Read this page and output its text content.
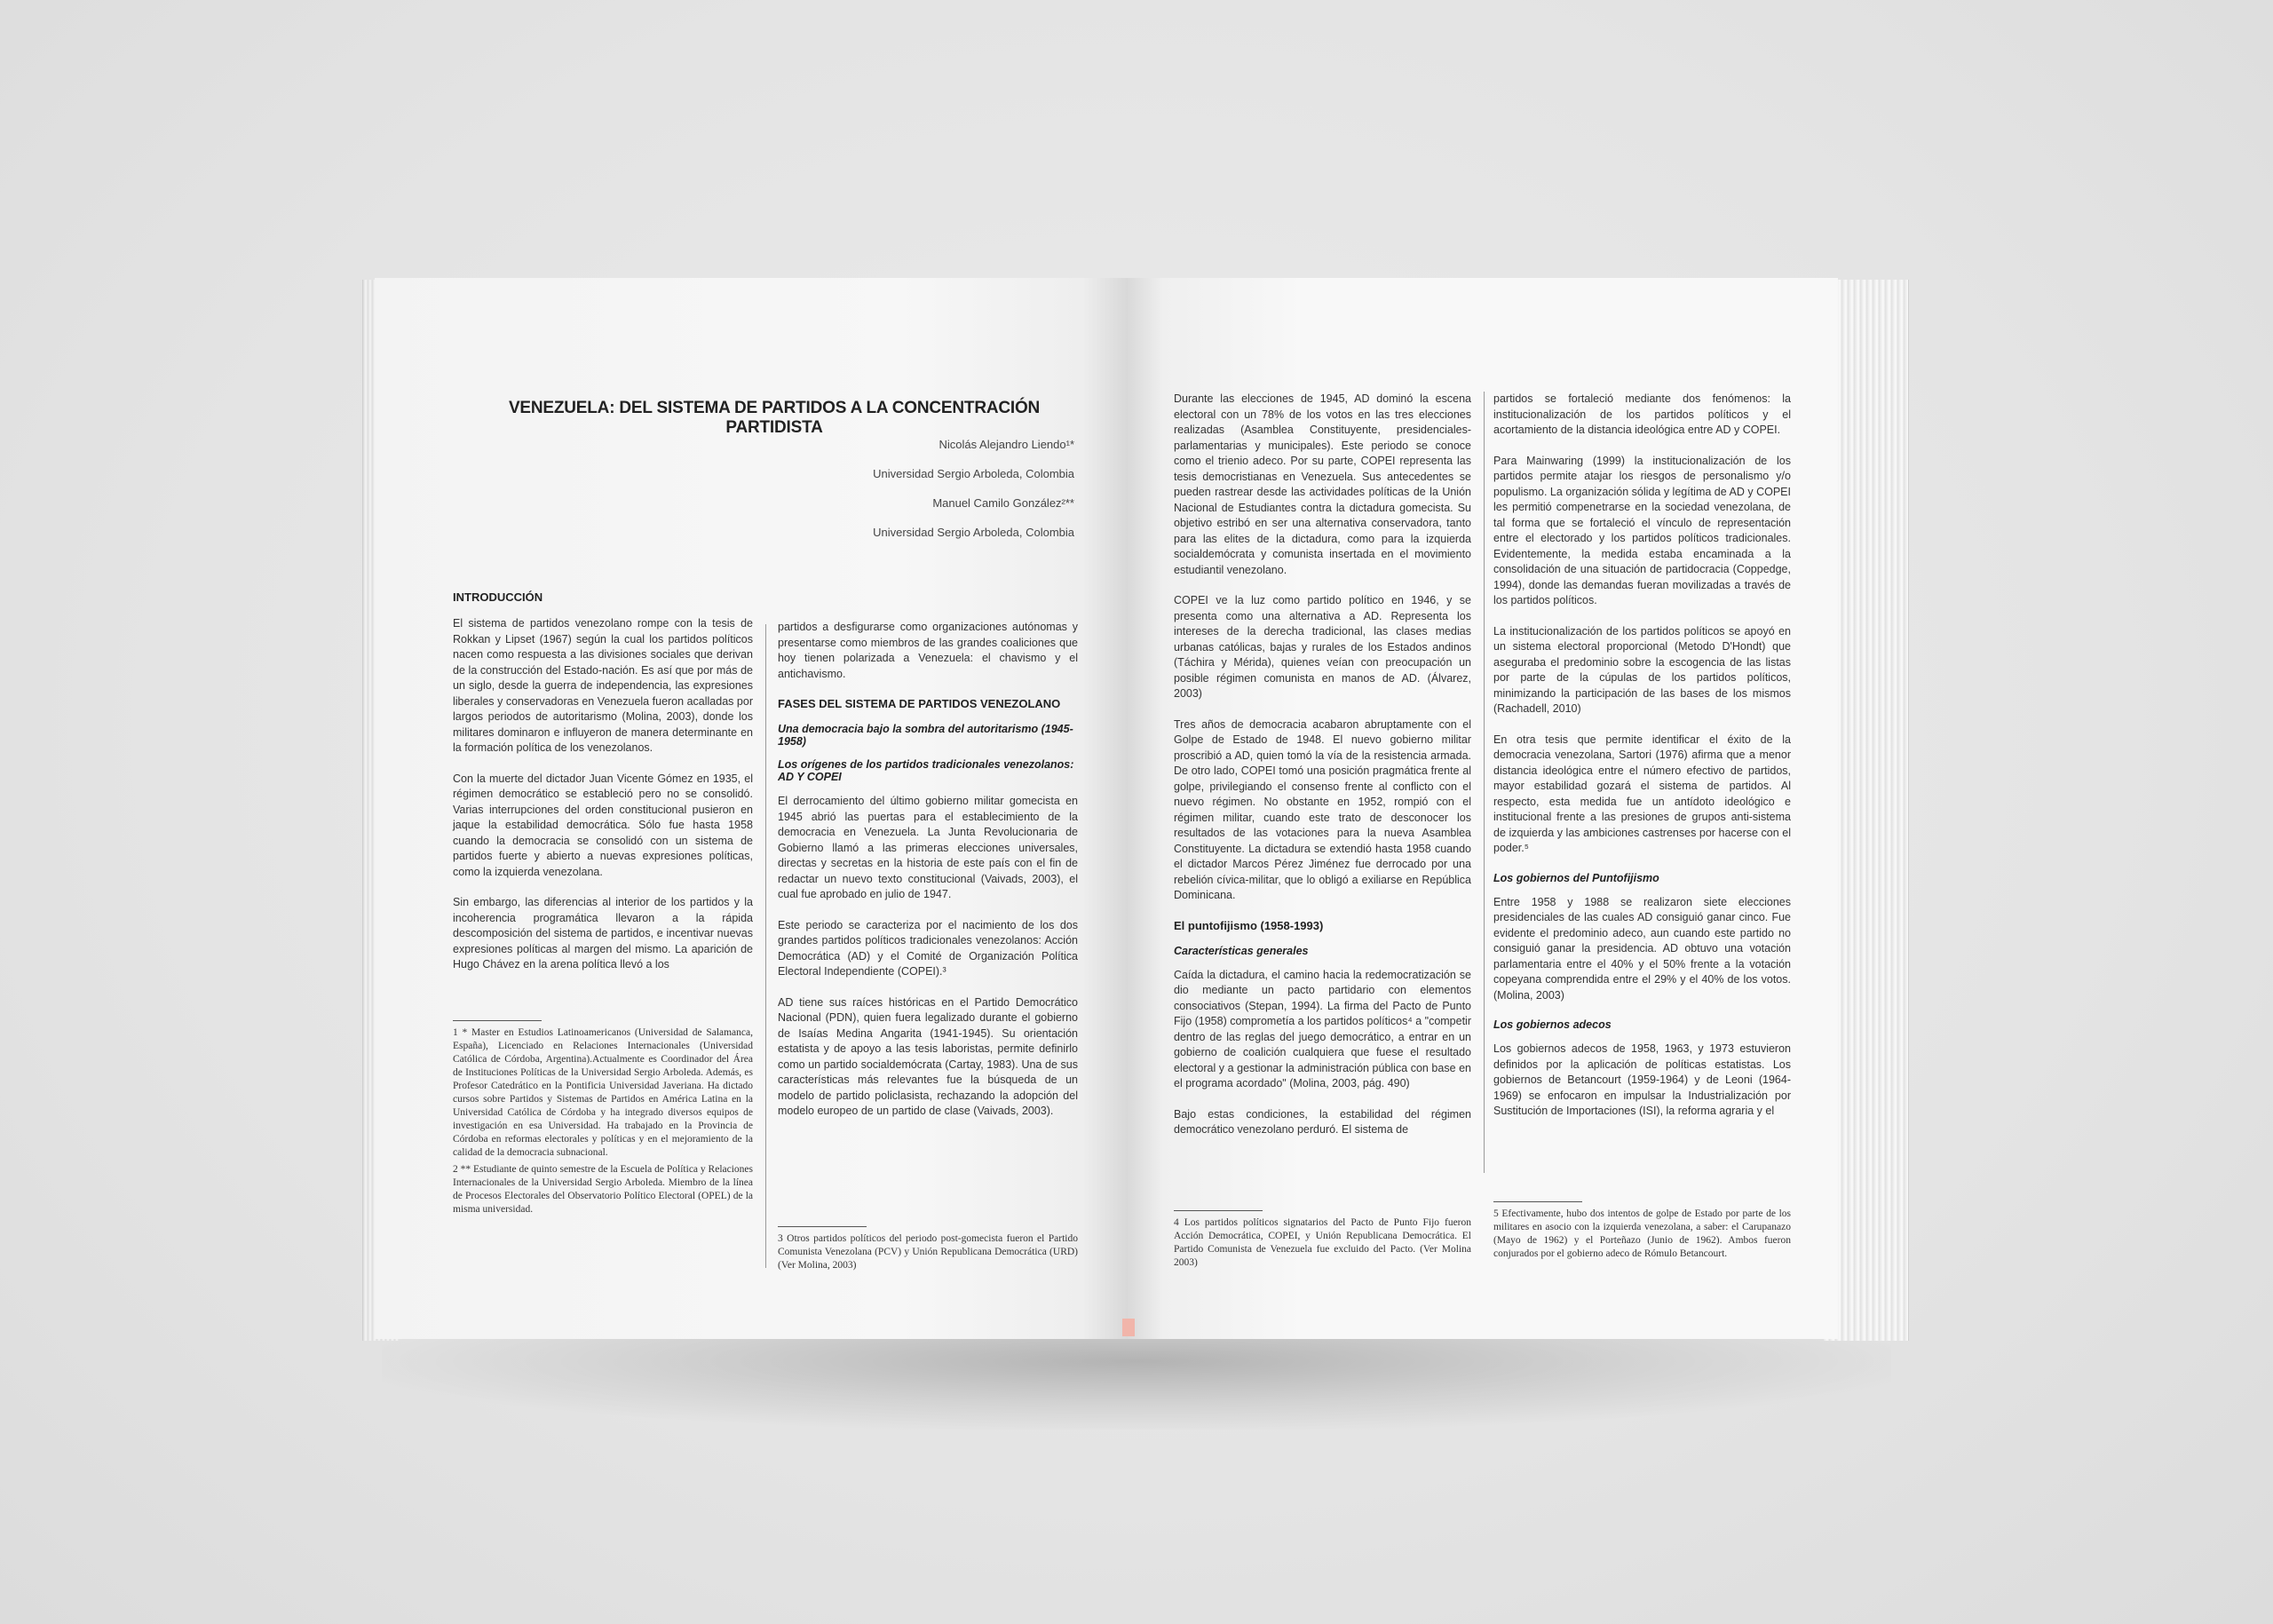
VENEZUELA: DEL SISTEMA DE PARTIDOS A LA CONCENTRACIÓN PARTIDISTA
Nicolás Alejandro Liendo¹*
Universidad Sergio Arboleda, Colombia
Manuel Camilo González²**
Universidad Sergio Arboleda, Colombia
INTRODUCCIÓN
El sistema de partidos venezolano rompe con la tesis de Rokkan y Lipset (1967) según la cual los partidos políticos nacen como respuesta a las divisiones sociales que derivan de la construcción del Estado-nación. Es así que por más de un siglo, desde la guerra de independencia, las expresiones liberales y conservadoras en Venezuela fueron acalladas por largos periodos de autoritarismo (Molina, 2003), donde los militares dominaron e influyeron de manera determinante en la formación política de los venezolanos.
Con la muerte del dictador Juan Vicente Gómez en 1935, el régimen democrático se estableció pero no se consolidó. Varias interrupciones del orden constitucional pusieron en jaque la estabilidad democrática. Sólo fue hasta 1958 cuando la democracia se consolidó con un sistema de partidos fuerte y abierto a nuevas expresiones políticas, como la izquierda venezolana.
Sin embargo, las diferencias al interior de los partidos y la incoherencia programática llevaron a la rápida descomposición del sistema de partidos, e incentivar nuevas expresiones políticas al margen del mismo. La aparición de Hugo Chávez en la arena política llevó a los
1 * Master en Estudios Latinoamericanos (Universidad de Salamanca, España), Licenciado en Relaciones Internacionales (Universidad Católica de Córdoba, Argentina).Actualmente es Coordinador del Área de Instituciones Políticas de la Universidad Sergio Arboleda. Además, es Profesor Catedrático en la Pontificia Universidad Javeriana. Ha dictado cursos sobre Partidos y Sistemas de Partidos en América Latina en la Universidad Católica de Córdoba y ha integrado diversos equipos de investigación en esa Universidad. Ha trabajado en la Provincia de Córdoba en reformas electorales y políticas y en el mejoramiento de la calidad de la democracia subnacional.
2 ** Estudiante de quinto semestre de la Escuela de Política y Relaciones Internacionales de la Universidad Sergio Arboleda. Miembro de la línea de Procesos Electorales del Observatorio Político Electoral (OPEL) de la misma universidad.
partidos a desfigurarse como organizaciones autónomas y presentarse como miembros de las grandes coaliciones que hoy tienen polarizada a Venezuela: el chavismo y el antichavismo.
FASES DEL SISTEMA DE PARTIDOS VENEZOLANO
Una democracia bajo la sombra del autoritarismo (1945-1958)
Los orígenes de los partidos tradicionales venezolanos: AD Y COPEI
El derrocamiento del último gobierno militar gomecista en 1945 abrió las puertas para el establecimiento de la democracia en Venezuela. La Junta Revolucionaria de Gobierno llamó a las primeras elecciones universales, directas y secretas en la historia de este país con el fin de redactar un nuevo texto constitucional (Vaivads, 2003), el cual fue aprobado en julio de 1947.
Este periodo se caracteriza por el nacimiento de los dos grandes partidos políticos tradicionales venezolanos: Acción Democrática (AD) y el Comité de Organización Política Electoral Independiente (COPEI).³
AD tiene sus raíces históricas en el Partido Democrático Nacional (PDN), quien fuera legalizado durante el gobierno de Isaías Medina Angarita (1941-1945). Su orientación estatista y de apoyo a las tesis laboristas, permite definirlo como un partido socialdemócrata (Cartay, 1983). Una de sus características más relevantes fue la búsqueda de un modelo de partido policlasista, rechazando la adopción del modelo europeo de un partido de clase (Vaivads, 2003).
3 Otros partidos políticos del periodo post-gomecista fueron el Partido Comunista Venezolana (PCV) y Unión Republicana Democrática (URD) (Ver Molina, 2003)
Durante las elecciones de 1945, AD dominó la escena electoral con un 78% de los votos en las tres elecciones realizadas (Asamblea Constituyente, presidenciales-parlamentarias y municipales). Este periodo se conoce como el trienio adeco. Por su parte, COPEI representa las tesis democristianas en Venezuela. Sus antecedentes se pueden rastrear desde las actividades políticas de la Unión Nacional de Estudiantes contra la dictadura gomecista. Su objetivo estribó en ser una alternativa conservadora, tanto para las elites de la dictadura, como para la izquierda socialdemócrata y comunista insertada en el movimiento estudiantil venezolano.
COPEI ve la luz como partido político en 1946, y se presenta como una alternativa a AD. Representa los intereses de la derecha tradicional, las clases medias urbanas católicas, bajas y rurales de los Estados andinos (Táchira y Mérida), quienes veían con preocupación un posible régimen comunista en manos de AD. (Álvarez, 2003)
Tres años de democracia acabaron abruptamente con el Golpe de Estado de 1948. El nuevo gobierno militar proscribió a AD, quien tomó la vía de la resistencia armada. De otro lado, COPEI tomó una posición pragmática frente al golpe, privilegiando el consenso frente al conflicto con el nuevo régimen. No obstante en 1952, rompió con el régimen militar, cuando este trato de desconocer los resultados de las votaciones para la nueva Asamblea Constituyente. La dictadura se extendió hasta 1958 cuando el dictador Marcos Pérez Jiménez fue derrocado por una rebelión cívica-militar, que lo obligó a exiliarse en República Dominicana.
El puntofijismo (1958-1993)
Características generales
Caída la dictadura, el camino hacia la redemocratización se dio mediante un pacto partidario con elementos consociativos (Stepan, 1994). La firma del Pacto de Punto Fijo (1958) comprometía a los partidos políticos⁴ a "competir dentro de las reglas del juego democrático, a entrar en un gobierno de coalición cualquiera que fuese el resultado electoral y a gestionar la administración pública con base en el programa acordado" (Molina, 2003, pág. 490)
Bajo estas condiciones, la estabilidad del régimen democrático venezolano perduró. El sistema de
4 Los partidos políticos signatarios del Pacto de Punto Fijo fueron Acción Democrática, COPEI, y Unión Republicana Democrática. El Partido Comunista de Venezuela fue excluido del Pacto. (Ver Molina 2003)
partidos se fortaleció mediante dos fenómenos: la institucionalización de los partidos políticos y el acortamiento de la distancia ideológica entre AD y COPEI.
Para Mainwaring (1999) la institucionalización de los partidos permite atajar los riesgos de personalismo y/o populismo. La organización sólida y legítima de AD y COPEI les permitió compenetrarse en la sociedad venezolana, de tal forma que se fortaleció el vínculo de representación entre el electorado y los partidos políticos tradicionales. Evidentemente, la medida estaba encaminada a la consolidación de una situación de partidocracia (Coppedge, 1994), donde las demandas fueran movilizadas a través de los partidos políticos.
La institucionalización de los partidos políticos se apoyó en un sistema electoral proporcional (Metodo D'Hondt) que aseguraba el predominio sobre la escogencia de las listas por parte de la cúpulas de los partidos políticos, minimizando la participación de las bases de los mismos (Rachadell, 2010)
En otra tesis que permite identificar el éxito de la democracia venezolana, Sartori (1976) afirma que a menor distancia ideológica entre el número efectivo de partidos, mayor estabilidad gozará el sistema de partidos. Al respecto, esta medida fue un antídoto ideológico e institucional frente a las presiones de grupos anti-sistema de izquierda y las ambiciones castrenses por hacerse con el poder.⁵
Los gobiernos del Puntofijismo
Entre 1958 y 1988 se realizaron siete elecciones presidenciales de las cuales AD consiguió ganar cinco. Fue evidente el predominio adeco, aun cuando este partido no consiguió ganar la presidencia. AD obtuvo una votación parlamentaria entre el 40% y el 50% frente a la votación copeyana comprendida entre el 29% y el 40% de los votos. (Molina, 2003)
Los gobiernos adecos
Los gobiernos adecos de 1958, 1963, y 1973 estuvieron definidos por la aplicación de políticas estatistas. Los gobiernos de Betancourt (1959-1964) y de Leoni (1964-1969) se enfocaron en impulsar la Industrialización por Sustitución de Importaciones (ISI), la reforma agraria y el
5 Efectivamente, hubo dos intentos de golpe de Estado por parte de los militares en asocio con la izquierda venezolana, a saber: el Carupanazo (Mayo de 1962) y el Porteñazo (Junio de 1962). Ambos fueron conjurados por el gobierno adeco de Rómulo Betancourt.
